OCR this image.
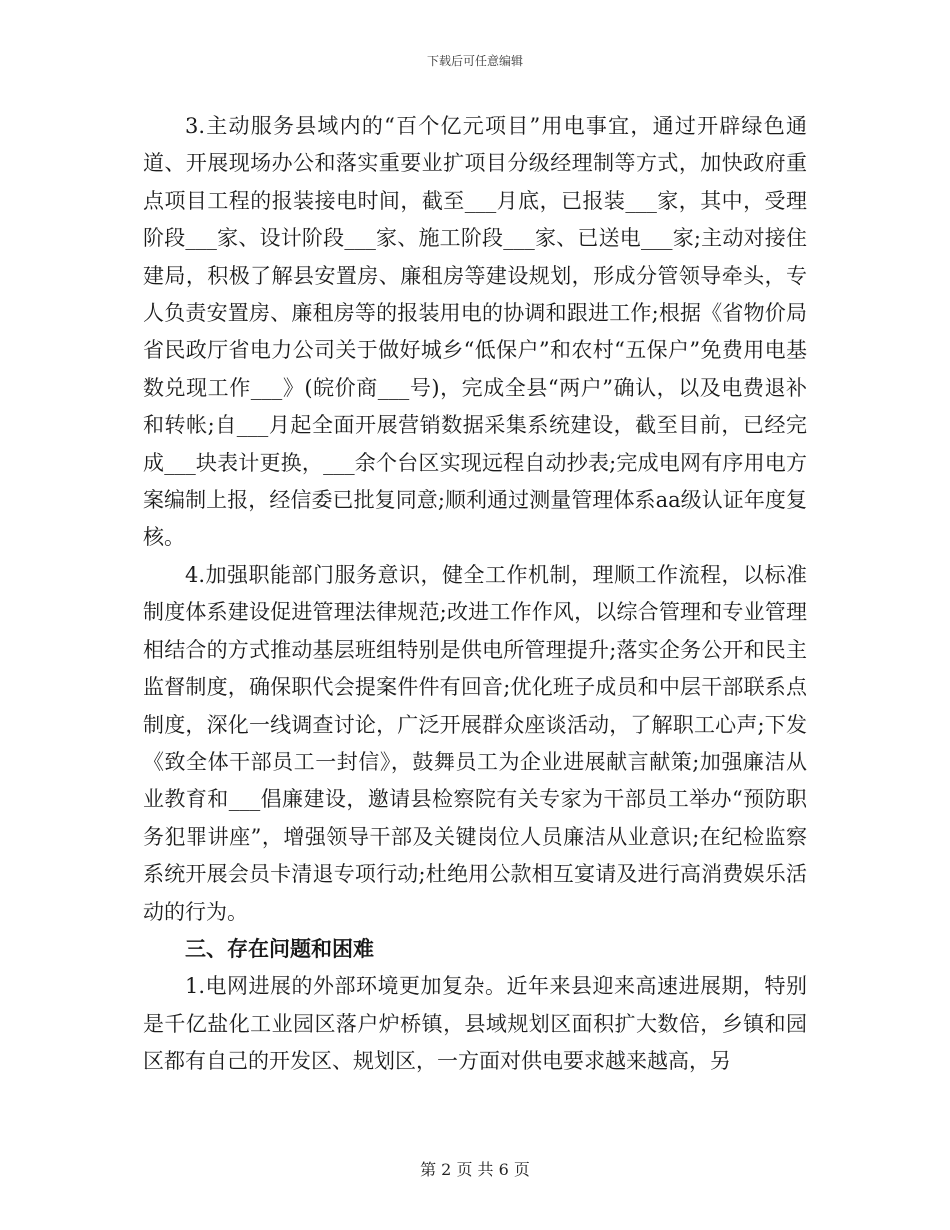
下载后可任意编辑

3.主动服务县域内的“百个亿元项目”用电事宜，通过开辟绿色通道、开展现场办公和落实重要业扩项目分级经理制等方式，加快政府重点项目工程的报装接电时间，截至___月底，已报装___家，其中，受理阶段___家、设计阶段___家、施工阶段___家、已送电___家;主动对接住建局，积极了解县安置房、廉租房等建设规划，形成分管领导牵头，专人负责安置房、廉租房等的报装用电的协调和跟进工作;根据《省物价局省民政厅省电力公司关于做好城乡“低保户”和农村“五保户”免费用电基数兑现工作___》(皖价商___号)，完成全县“两户”确认，以及电费退补和转帐;自___月起全面开展营销数据采集系统建设，截至目前，已经完成___块表计更换，___余个台区实现远程自动抄表;完成电网有序用电方案编制上报，经信委已批复同意;顺利通过测量管理体系aa级认证年度复核。

4.加强职能部门服务意识，健全工作机制，理顺工作流程，以标准制度体系建设促进管理法律规范;改进工作作风，以综合管理和专业管理相结合的方式推动基层班组特别是供电所管理提升;落实企务公开和民主监督制度，确保职代会提案件件有回音;优化班子成员和中层干部联系点制度，深化一线调查讨论，广泛开展群众座谈活动，了解职工心声;下发《致全体干部员工一封信》，鼓舞员工为企业进展献言献策;加强廉洁从业教育和___倡廉建设，邀请县检察院有关专家为干部员工举办“预防职务犯罪讲座”，增强领导干部及关键岗位人员廉洁从业意识;在纪检监察系统开展会员卡清退专项行动;杜绝用公款相互宴请及进行高消费娱乐活动的行为。

三、存在问题和困难

1.电网进展的外部环境更加复杂。近年来县迎来高速进展期，特别是千亿盐化工业园区落户炉桥镇，县域规划区面积扩大数倍，乡镇和园区都有自己的开发区、规划区，一方面对供电要求越来越高，另

第 2 页 共 6 页
